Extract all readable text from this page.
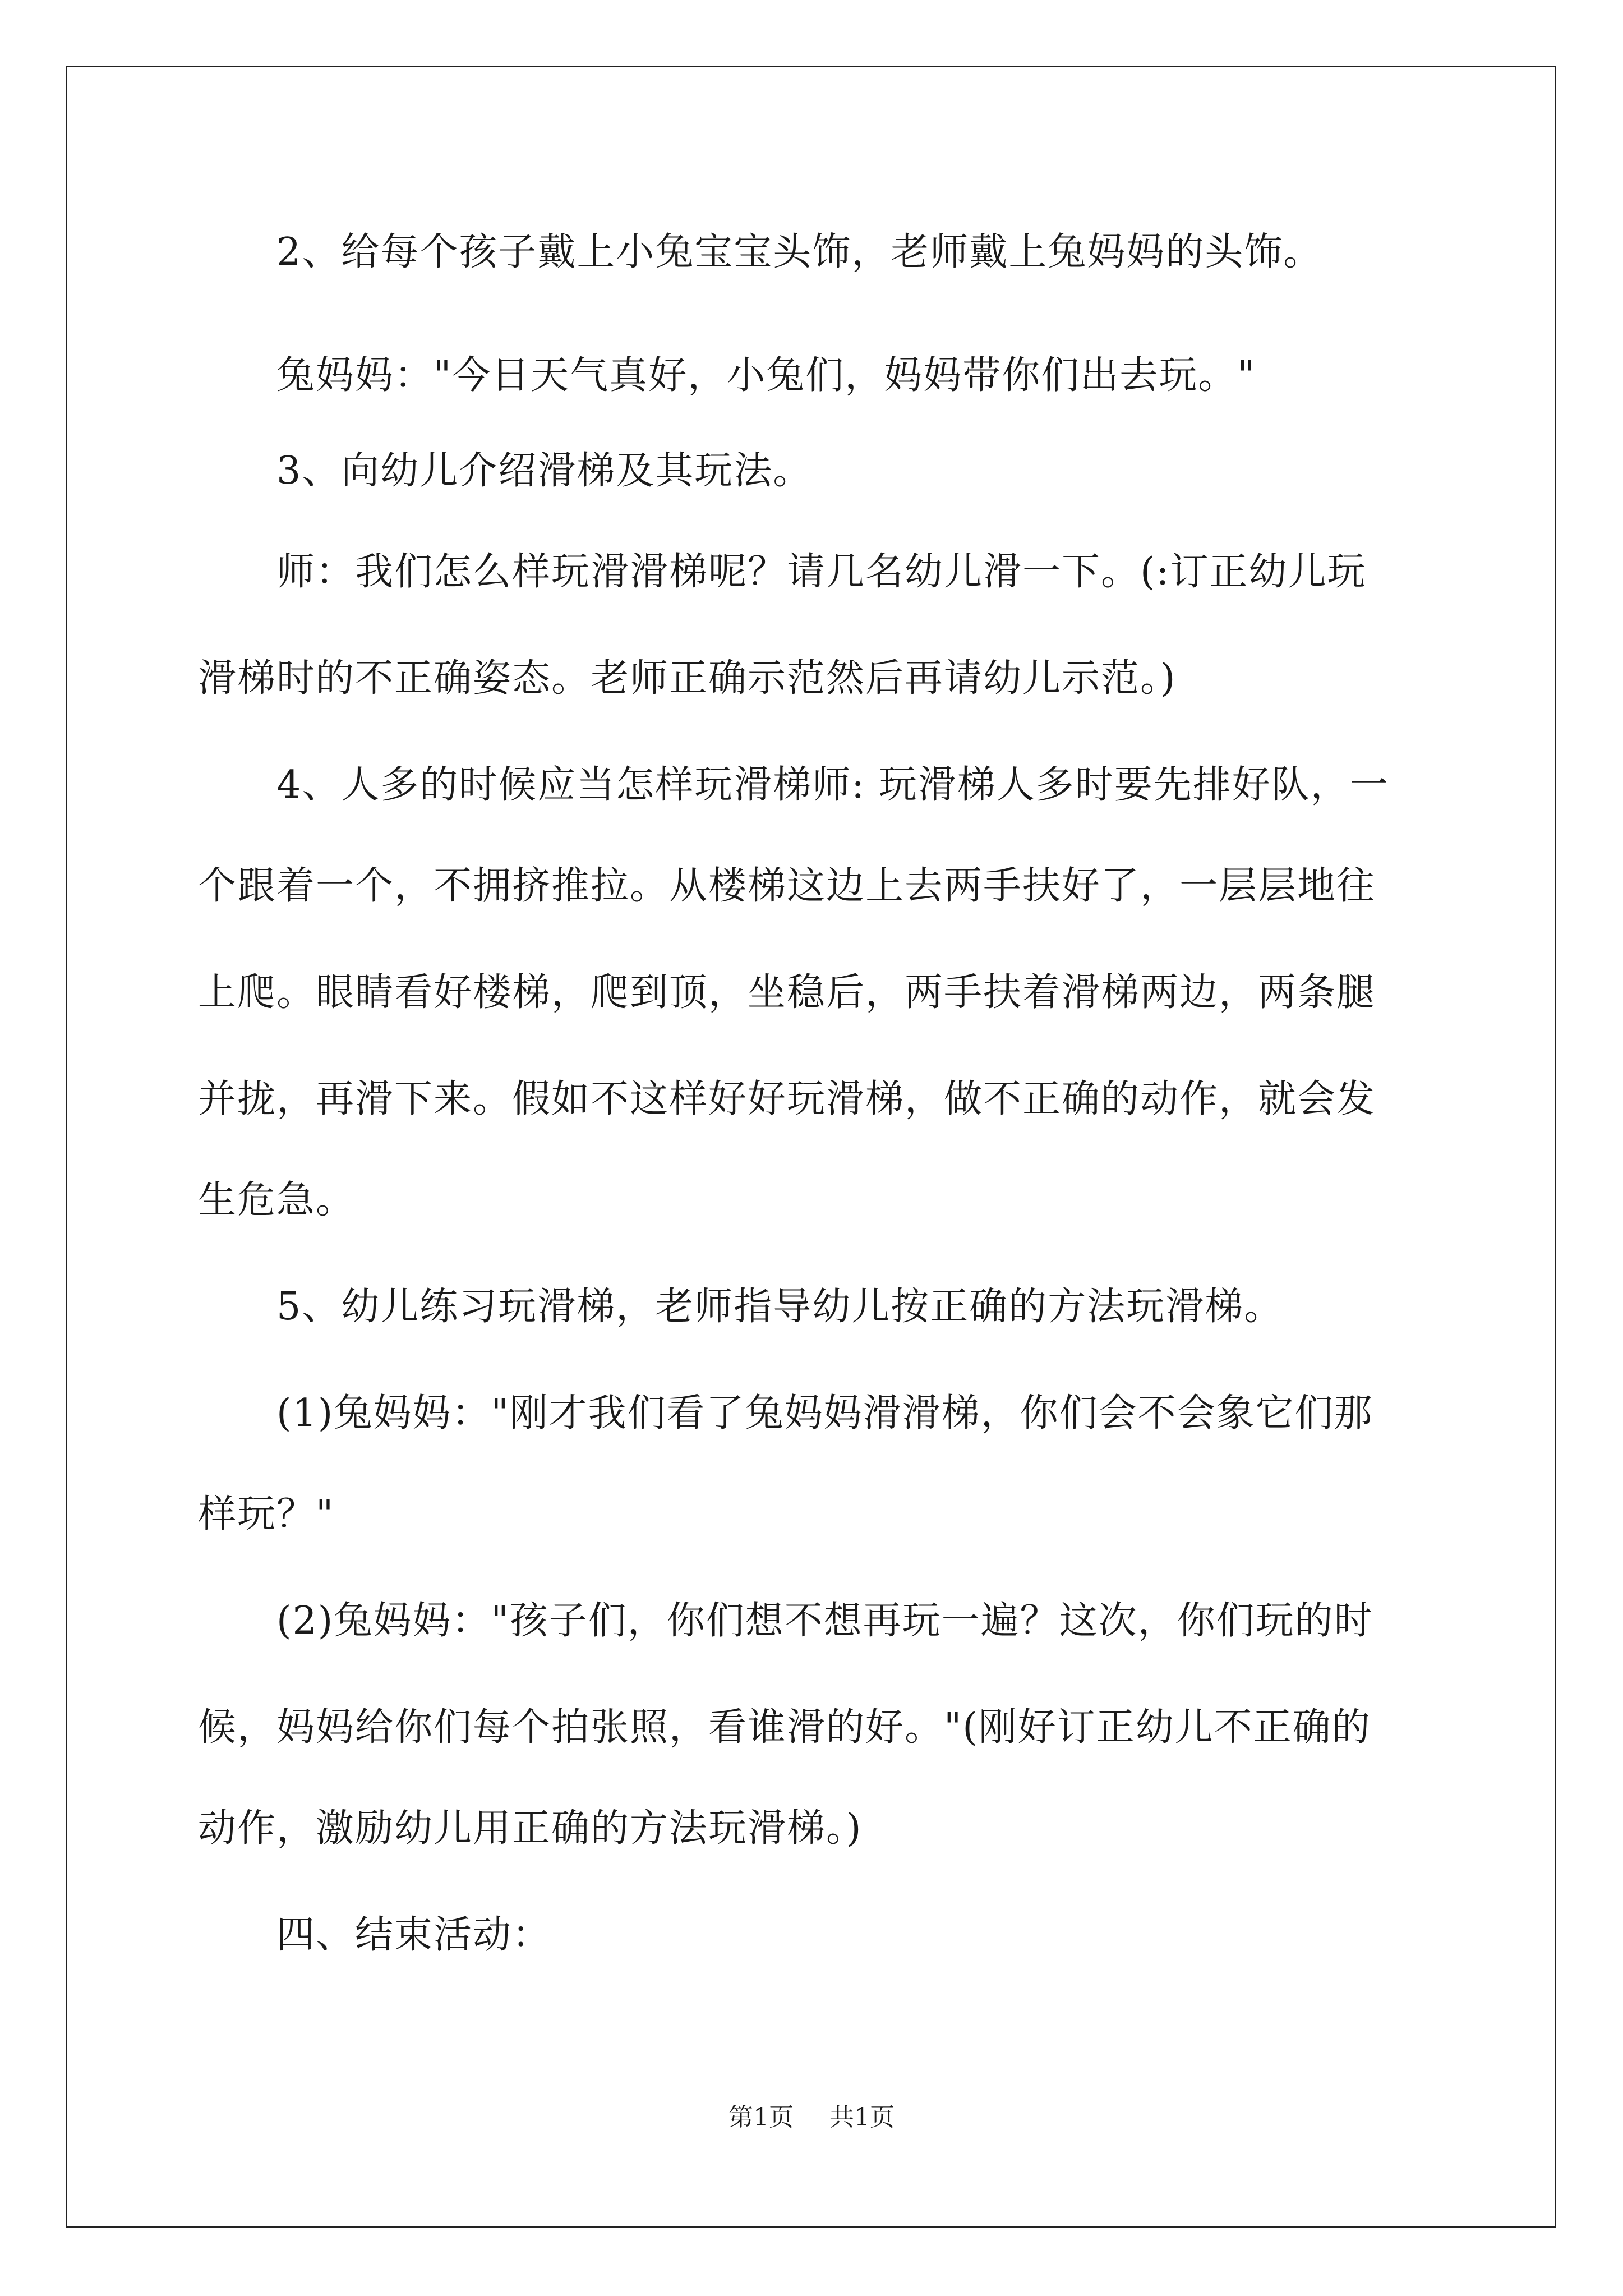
2、给每个孩子戴上小兔宝宝头饰，老师戴上兔妈妈的头饰。
兔妈妈："今日天气真好，小兔们，妈妈带你们出去玩。"
3、向幼儿介绍滑梯及其玩法。
师：我们怎么样玩滑滑梯呢？请几名幼儿滑一下。(:订正幼儿玩
滑梯时的不正确姿态。老师正确示范然后再请幼儿示范。)
4、人多的时候应当怎样玩滑梯师: 玩滑梯人多时要先排好队，一
个跟着一个，不拥挤推拉。从楼梯这边上去两手扶好了，一层层地往
上爬。眼睛看好楼梯，爬到顶，坐稳后，两手扶着滑梯两边，两条腿
并拢，再滑下来。假如不这样好好玩滑梯，做不正确的动作，就会发
生危急。
5、幼儿练习玩滑梯，老师指导幼儿按正确的方法玩滑梯。
(1)兔妈妈："刚才我们看了兔妈妈滑滑梯，你们会不会象它们那
样玩？"
(2)兔妈妈："孩子们，你们想不想再玩一遍？这次，你们玩的时
候，妈妈给你们每个拍张照，看谁滑的好。"(刚好订正幼儿不正确的
动作，激励幼儿用正确的方法玩滑梯。)
四、结束活动：
第1页 共1页
